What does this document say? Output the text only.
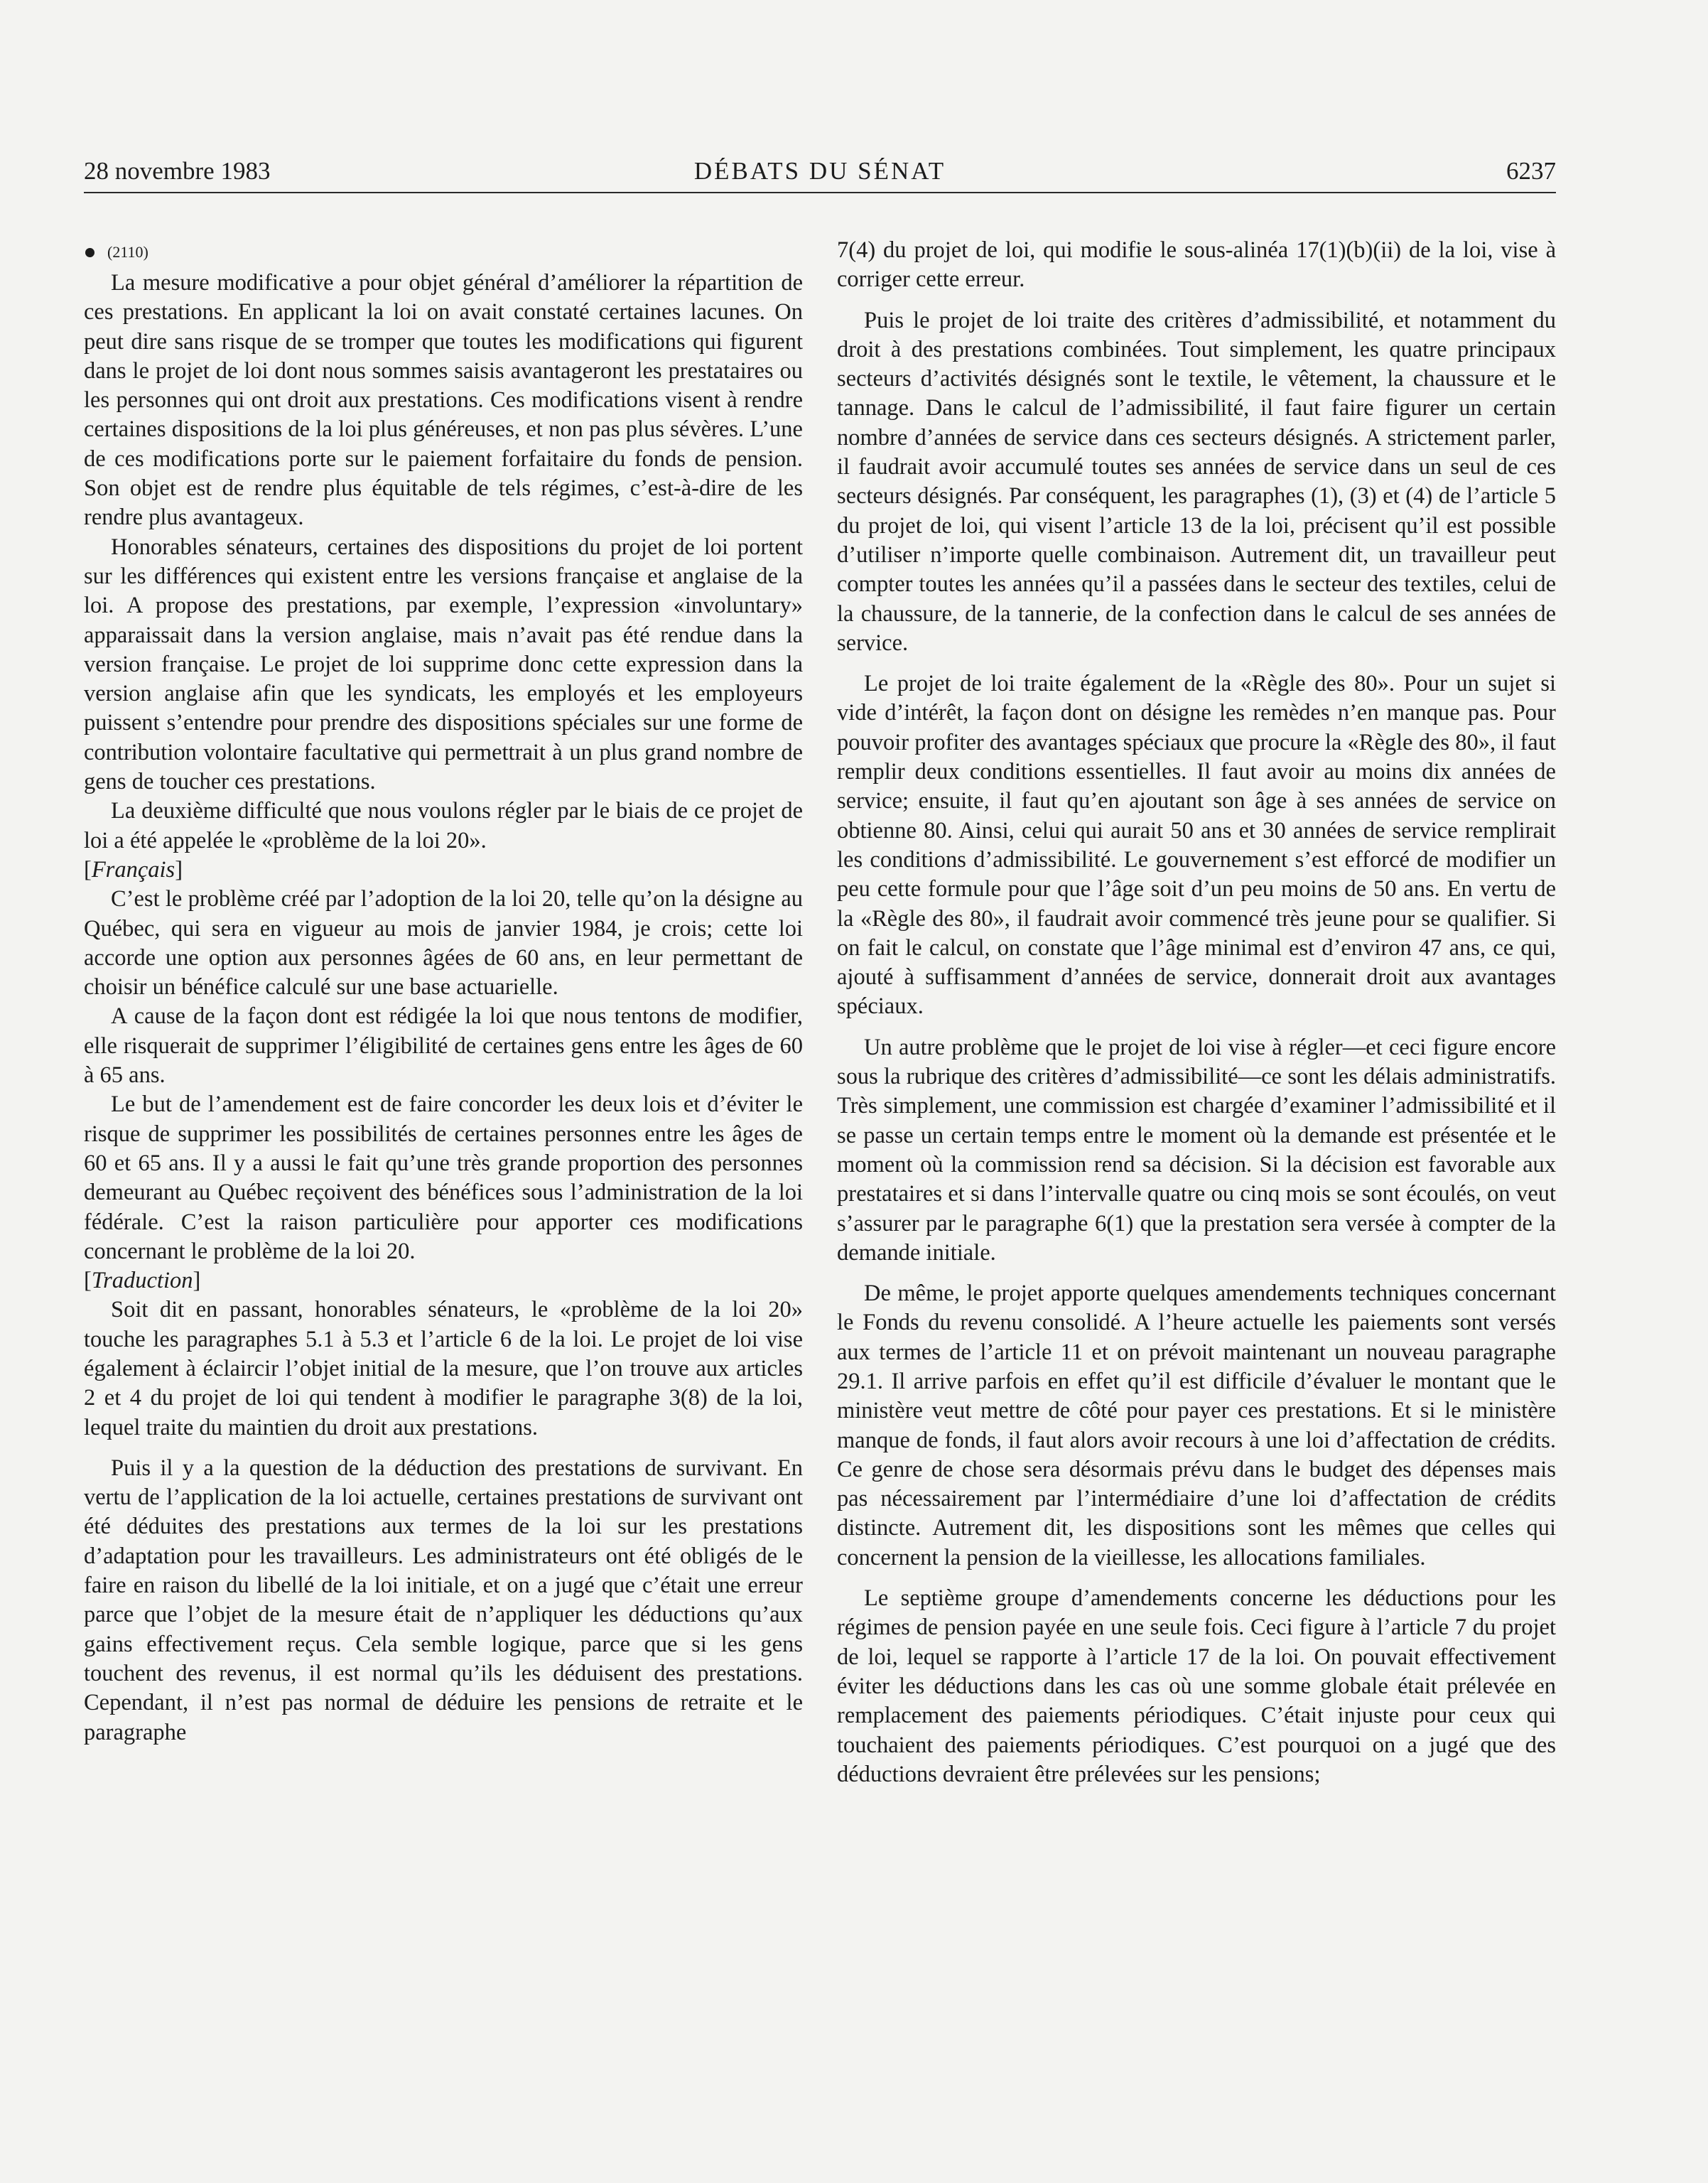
28 novembre 1983	DÉBATS DU SÉNAT	6237
(2110)

La mesure modificative a pour objet général d’améliorer la répartition de ces prestations. En applicant la loi on avait constaté certaines lacunes. On peut dire sans risque de se tromper que toutes les modifications qui figurent dans le projet de loi dont nous sommes saisis avantageront les prestataires ou les personnes qui ont droit aux prestations. Ces modifications visent à rendre certaines dispositions de la loi plus généreuses, et non pas plus sévères. L’une de ces modifications porte sur le paiement forfaitaire du fonds de pension. Son objet est de rendre plus équitable de tels régimes, c’est-à-dire de les rendre plus avantageux.

Honorables sénateurs, certaines des dispositions du projet de loi portent sur les différences qui existent entre les versions française et anglaise de la loi. A propose des prestations, par exemple, l’expression «involuntary» apparaissait dans la version anglaise, mais n’avait pas été rendue dans la version française. Le projet de loi supprime donc cette expression dans la version anglaise afin que les syndicats, les employés et les employeurs puissent s’entendre pour prendre des dispositions spéciales sur une forme de contribution volontaire facultative qui permettrait à un plus grand nombre de gens de toucher ces prestations.

La deuxième difficulté que nous voulons régler par le biais de ce projet de loi a été appelée le «problème de la loi 20».

[Français]

C’est le problème créé par l’adoption de la loi 20, telle qu’on la désigne au Québec, qui sera en vigueur au mois de janvier 1984, je crois; cette loi accorde une option aux personnes âgées de 60 ans, en leur permettant de choisir un bénéfice calculé sur une base actuarielle.

A cause de la façon dont est rédigée la loi que nous tentons de modifier, elle risquerait de supprimer l’éligibilité de certaines gens entre les âges de 60 à 65 ans.

Le but de l’amendement est de faire concorder les deux lois et d’éviter le risque de supprimer les possibilités de certaines personnes entre les âges de 60 et 65 ans. Il y a aussi le fait qu’une très grande proportion des personnes demeurant au Québec reçoivent des bénéfices sous l’administration de la loi fédérale. C’est la raison particulière pour apporter ces modifications concernant le problème de la loi 20.

[Traduction]

Soit dit en passant, honorables sénateurs, le «problème de la loi 20» touche les paragraphes 5.1 à 5.3 et l’article 6 de la loi. Le projet de loi vise également à éclaircir l’objet initial de la mesure, que l’on trouve aux articles 2 et 4 du projet de loi qui tendent à modifier le paragraphe 3(8) de la loi, lequel traite du maintien du droit aux prestations.

Puis il y a la question de la déduction des prestations de survivant. En vertu de l’application de la loi actuelle, certaines prestations de survivant ont été déduites des prestations aux termes de la loi sur les prestations d’adaptation pour les travailleurs. Les administrateurs ont été obligés de le faire en raison du libellé de la loi initiale, et on a jugé que c’était une erreur parce que l’objet de la mesure était de n’appliquer les déductions qu’aux gains effectivement reçus. Cela semble logique, parce que si les gens touchent des revenus, il est normal qu’ils les déduisent des prestations. Cependant, il n’est pas normal de déduire les pensions de retraite et le paragraphe

7(4) du projet de loi, qui modifie le sous-alinéa 17(1)(b)(ii) de la loi, vise à corriger cette erreur.

Puis le projet de loi traite des critères d’admissibilité, et notamment du droit à des prestations combinées. Tout simplement, les quatre principaux secteurs d’activités désignés sont le textile, le vêtement, la chaussure et le tannage. Dans le calcul de l’admissibilité, il faut faire figurer un certain nombre d’années de service dans ces secteurs désignés. A strictement parler, il faudrait avoir accumulé toutes ses années de service dans un seul de ces secteurs désignés. Par conséquent, les paragraphes (1), (3) et (4) de l’article 5 du projet de loi, qui visent l’article 13 de la loi, précisent qu’il est possible d’utiliser n’importe quelle combinaison. Autrement dit, un travailleur peut compter toutes les années qu’il a passées dans le secteur des textiles, celui de la chaussure, de la tannerie, de la confection dans le calcul de ses années de service.

Le projet de loi traite également de la «Règle des 80». Pour un sujet si vide d’intérêt, la façon dont on désigne les remèdes n’en manque pas. Pour pouvoir profiter des avantages spéciaux que procure la «Règle des 80», il faut remplir deux conditions essentielles. Il faut avoir au moins dix années de service; ensuite, il faut qu’en ajoutant son âge à ses années de service on obtienne 80. Ainsi, celui qui aurait 50 ans et 30 années de service remplirait les conditions d’admissibilité. Le gouvernement s’est efforcé de modifier un peu cette formule pour que l’âge soit d’un peu moins de 50 ans. En vertu de la «Règle des 80», il faudrait avoir commencé très jeune pour se qualifier. Si on fait le calcul, on constate que l’âge minimal est d’environ 47 ans, ce qui, ajouté à suffisamment d’années de service, donnerait droit aux avantages spéciaux.

Un autre problème que le projet de loi vise à régler—et ceci figure encore sous la rubrique des critères d’admissibilité—ce sont les délais administratifs. Très simplement, une commission est chargée d’examiner l’admissibilité et il se passe un certain temps entre le moment où la demande est présentée et le moment où la commission rend sa décision. Si la décision est favorable aux prestataires et si dans l’intervalle quatre ou cinq mois se sont écoulés, on veut s’assurer par le paragraphe 6(1) que la prestation sera versée à compter de la demande initiale.

De même, le projet apporte quelques amendements techniques concernant le Fonds du revenu consolidé. A l’heure actuelle les paiements sont versés aux termes de l’article 11 et on prévoit maintenant un nouveau paragraphe 29.1. Il arrive parfois en effet qu’il est difficile d’évaluer le montant que le ministère veut mettre de côté pour payer ces prestations. Et si le ministère manque de fonds, il faut alors avoir recours à une loi d’affectation de crédits. Ce genre de chose sera désormais prévu dans le budget des dépenses mais pas nécessairement par l’intermédiaire d’une loi d’affectation de crédits distincte. Autrement dit, les dispositions sont les mêmes que celles qui concernent la pension de la vieillesse, les allocations familiales.

Le septième groupe d’amendements concerne les déductions pour les régimes de pension payée en une seule fois. Ceci figure à l’article 7 du projet de loi, lequel se rapporte à l’article 17 de la loi. On pouvait effectivement éviter les déductions dans les cas où une somme globale était prélevée en remplacement des paiements périodiques. C’était injuste pour ceux qui touchaient des paiements périodiques. C’est pourquoi on a jugé que des déductions devraient être prélevées sur les pensions;
